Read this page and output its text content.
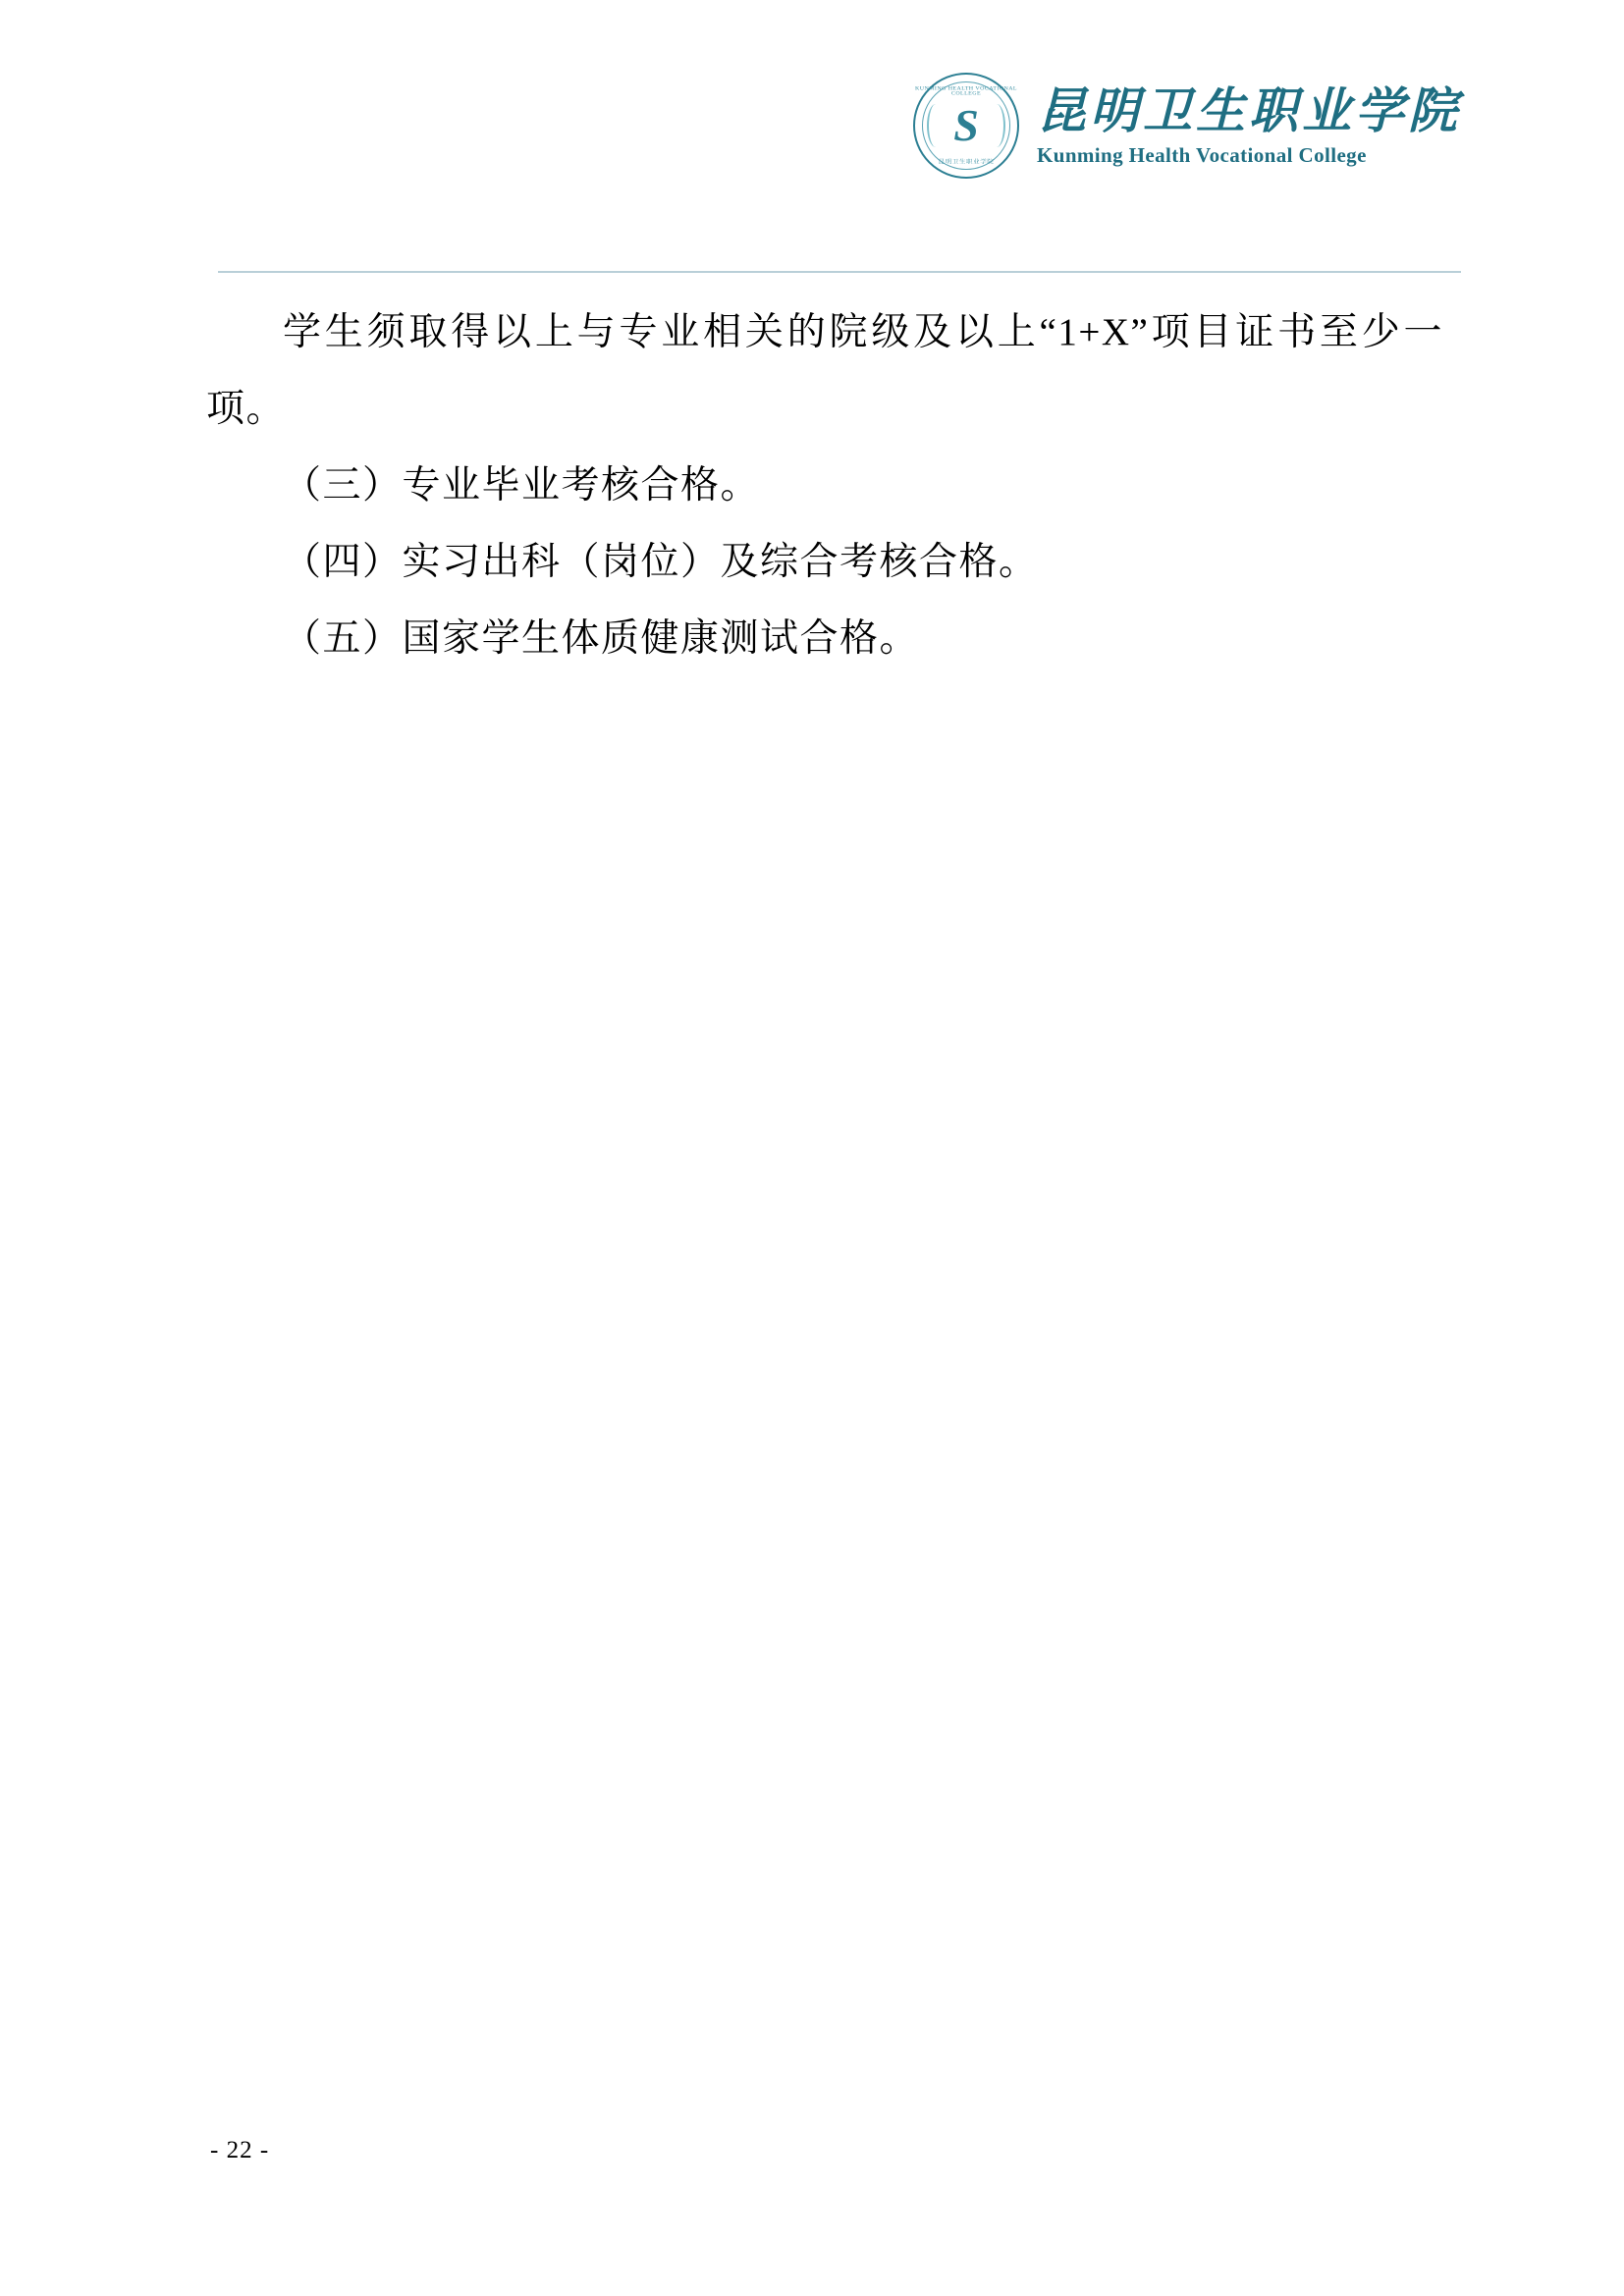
KUNMING HEALTH VOCATIONAL COLLEGE
S
昆明卫生职业学院
昆明卫生职业学院
Kunming Health Vocational College

学生须取得以上与专业相关的院级及以上“1+X”项目证书至少一项。

（三）专业毕业考核合格。

（四）实习出科（岗位）及综合考核合格。

（五）国家学生体质健康测试合格。

- 22 -
